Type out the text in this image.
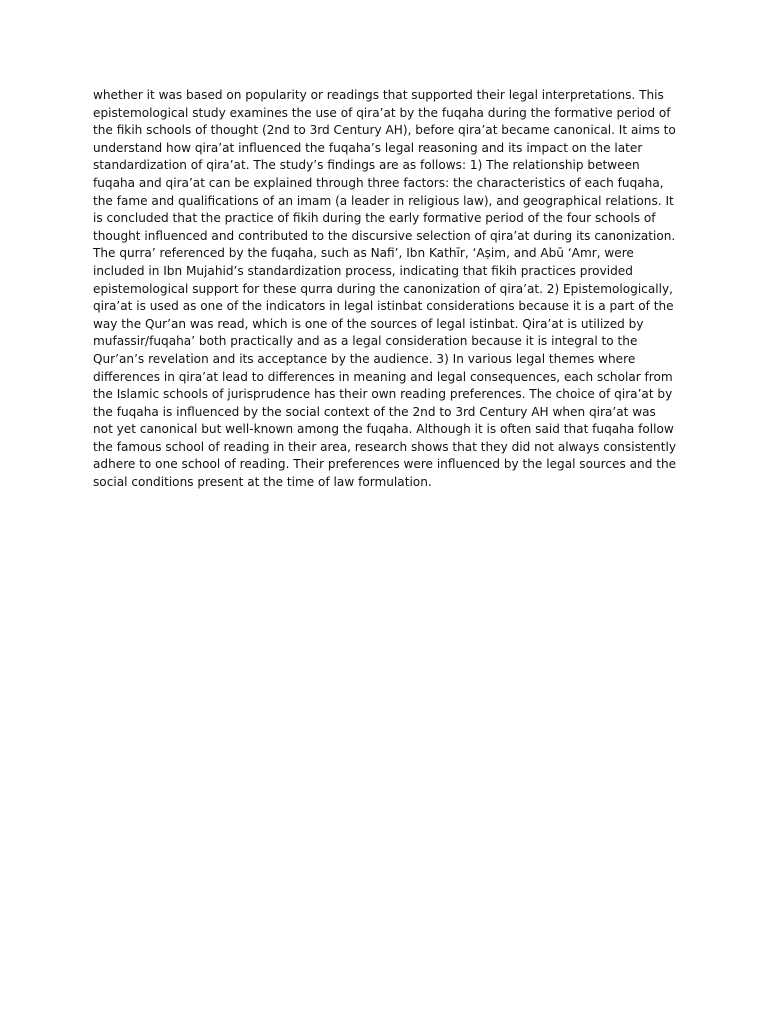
whether it was based on popularity or readings that supported their legal interpretations. This epistemological study examines the use of qira’at by the fuqaha during the formative period of the fikih schools of thought (2nd to 3rd Century AH), before qira’at became canonical. It aims to understand how qira’at influenced the fuqaha’s legal reasoning and its impact on the later standardization of qira’at. The study’s findings are as follows: 1) The relationship between fuqaha and qira’at can be explained through three factors: the characteristics of each fuqaha, the fame and qualifications of an imam (a leader in religious law), and geographical relations. It is concluded that the practice of fikih during the early formative period of the four schools of thought influenced and contributed to the discursive selection of qira’at during its canonization. The qurra’ referenced by the fuqaha, such as Nafi’, Ibn Kathīr, ‘Aṣim, and Abū ‘Amr, were included in Ibn Mujahid’s standardization process, indicating that fikih practices provided epistemological support for these qurra during the canonization of qira’at. 2) Epistemologically, qira’at is used as one of the indicators in legal istinbat considerations because it is a part of the way the Qur’an was read, which is one of the sources of legal istinbat. Qira’at is utilized by mufassir/fuqaha’ both practically and as a legal consideration because it is integral to the Qur’an’s revelation and its acceptance by the audience. 3) In various legal themes where differences in qira’at lead to differences in meaning and legal consequences, each scholar from the Islamic schools of jurisprudence has their own reading preferences. The choice of qira’at by the fuqaha is influenced by the social context of the 2nd to 3rd Century AH when qira’at was not yet canonical but well-known among the fuqaha. Although it is often said that fuqaha follow the famous school of reading in their area, research shows that they did not always consistently adhere to one school of reading. Their preferences were influenced by the legal sources and the social conditions present at the time of law formulation.
